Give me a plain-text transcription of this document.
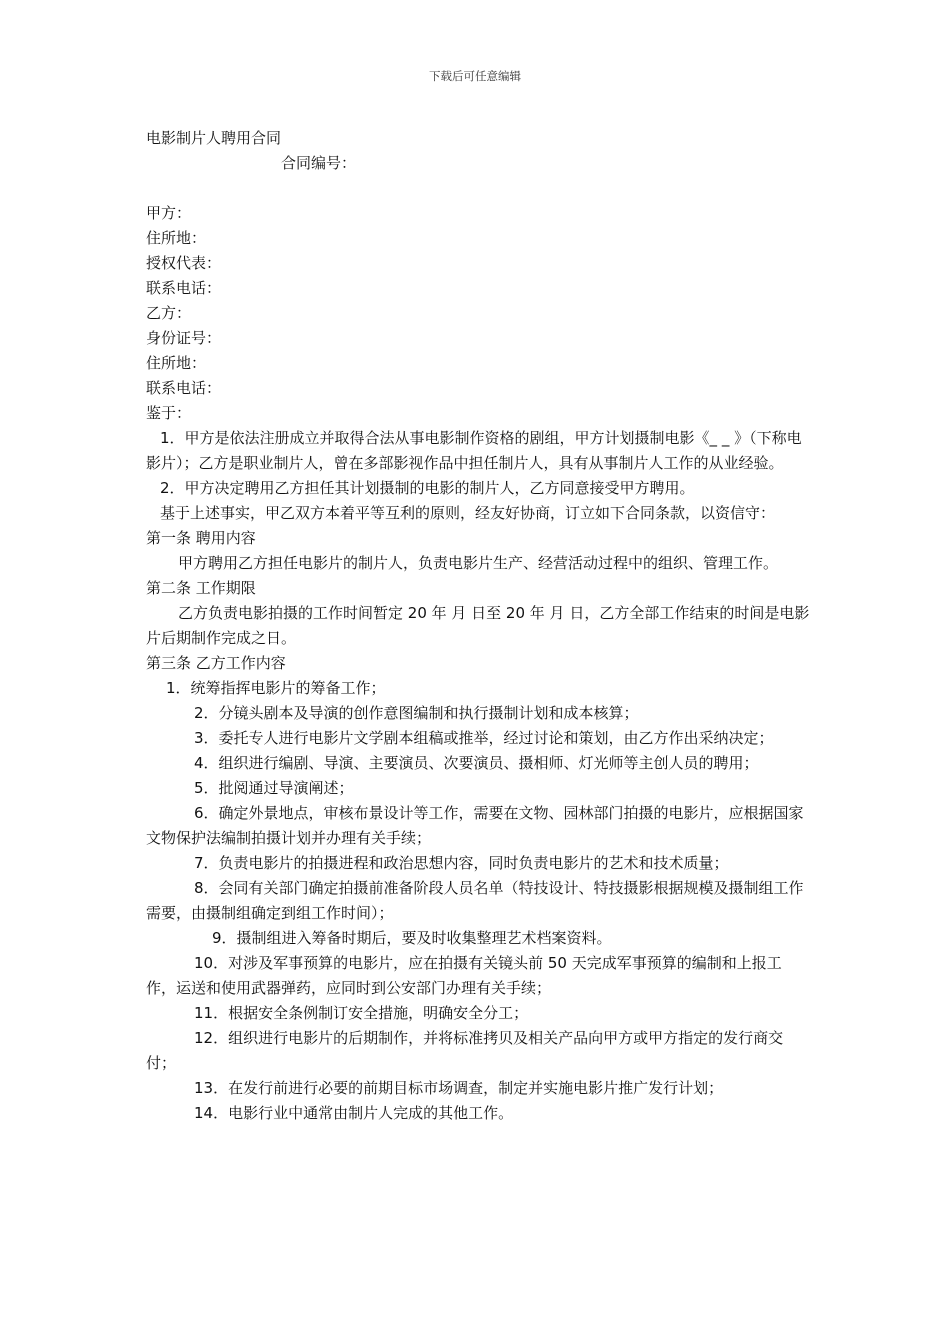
下载后可任意编辑

电影制片人聘用合同

合同编号：

甲方：

住所地：

授权代表：

联系电话：

乙方：

身份证号：

住所地：

联系电话：

鉴于：

1．甲方是依法注册成立并取得合法从事电影制作资格的剧组，甲方计划摄制电影《_ _ 》（下称电影片）；乙方是职业制片人，曾在多部影视作品中担任制片人，具有从事制片人工作的从业经验。

2．甲方决定聘用乙方担任其计划摄制的电影的制片人，乙方同意接受甲方聘用。

基于上述事实，甲乙双方本着平等互利的原则，经友好协商，订立如下合同条款，以资信守：

第一条 聘用内容

甲方聘用乙方担任电影片的制片人，负责电影片生产、经营活动过程中的组织、管理工作。

第二条 工作期限

乙方负责电影拍摄的工作时间暂定 20 年 月 日至 20 年 月 日，乙方全部工作结束的时间是电影片后期制作完成之日。

第三条 乙方工作内容

1．统筹指挥电影片的筹备工作；

2．分镜头剧本及导演的创作意图编制和执行摄制计划和成本核算；

3．委托专人进行电影片文学剧本组稿或推举，经过讨论和策划，由乙方作出采纳决定；

4．组织进行编剧、导演、主要演员、次要演员、摄相师、灯光师等主创人员的聘用；

5．批阅通过导演阐述；

6．确定外景地点，审核布景设计等工作，需要在文物、园林部门拍摄的电影片，应根据国家文物保护法编制拍摄计划并办理有关手续；

7．负责电影片的拍摄进程和政治思想内容，同时负责电影片的艺术和技术质量；

8．会同有关部门确定拍摄前准备阶段人员名单（特技设计、特技摄影根据规模及摄制组工作需要，由摄制组确定到组工作时间）；

9．摄制组进入筹备时期后，要及时收集整理艺术档案资料。

10．对涉及军事预算的电影片，应在拍摄有关镜头前 50 天完成军事预算的编制和上报工作，运送和使用武器弹药，应同时到公安部门办理有关手续；

11．根据安全条例制订安全措施，明确安全分工；

12．组织进行电影片的后期制作，并将标准拷贝及相关产品向甲方或甲方指定的发行商交付；

13．在发行前进行必要的前期目标市场调查，制定并实施电影片推广发行计划；

14．电影行业中通常由制片人完成的其他工作。
